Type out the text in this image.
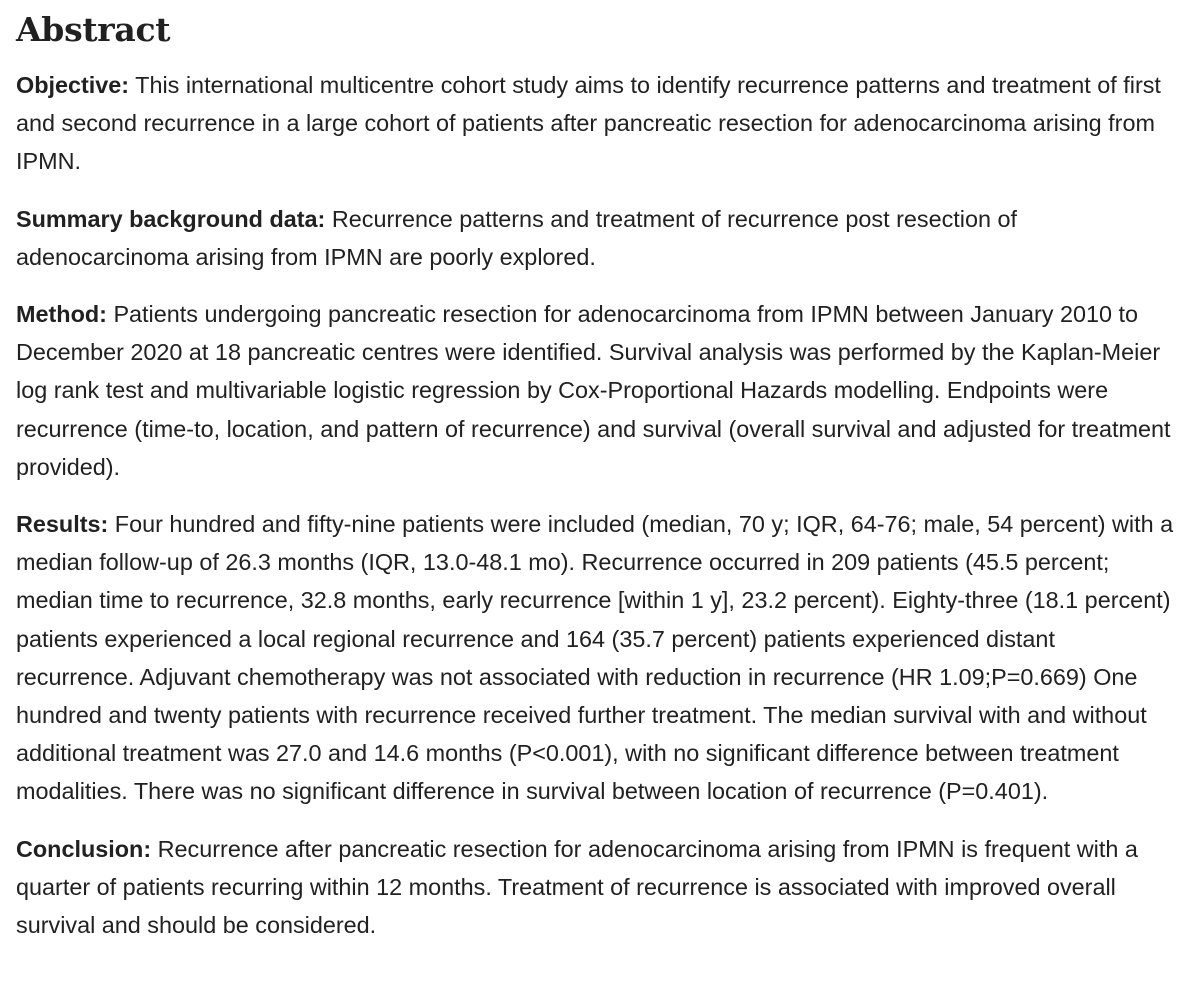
Abstract

Objective: This international multicentre cohort study aims to identify recurrence patterns and treatment of first and second recurrence in a large cohort of patients after pancreatic resection for adenocarcinoma arising from IPMN.

Summary background data: Recurrence patterns and treatment of recurrence post resection of adenocarcinoma arising from IPMN are poorly explored.

Method: Patients undergoing pancreatic resection for adenocarcinoma from IPMN between January 2010 to December 2020 at 18 pancreatic centres were identified. Survival analysis was performed by the Kaplan-Meier log rank test and multivariable logistic regression by Cox-Proportional Hazards modelling. Endpoints were recurrence (time-to, location, and pattern of recurrence) and survival (overall survival and adjusted for treatment provided).

Results: Four hundred and fifty-nine patients were included (median, 70 y; IQR, 64-76; male, 54 percent) with a median follow-up of 26.3 months (IQR, 13.0-48.1 mo). Recurrence occurred in 209 patients (45.5 percent; median time to recurrence, 32.8 months, early recurrence [within 1 y], 23.2 percent). Eighty-three (18.1 percent) patients experienced a local regional recurrence and 164 (35.7 percent) patients experienced distant recurrence. Adjuvant chemotherapy was not associated with reduction in recurrence (HR 1.09;P=0.669) One hundred and twenty patients with recurrence received further treatment. The median survival with and without additional treatment was 27.0 and 14.6 months (P<0.001), with no significant difference between treatment modalities. There was no significant difference in survival between location of recurrence (P=0.401).

Conclusion: Recurrence after pancreatic resection for adenocarcinoma arising from IPMN is frequent with a quarter of patients recurring within 12 months. Treatment of recurrence is associated with improved overall survival and should be considered.
